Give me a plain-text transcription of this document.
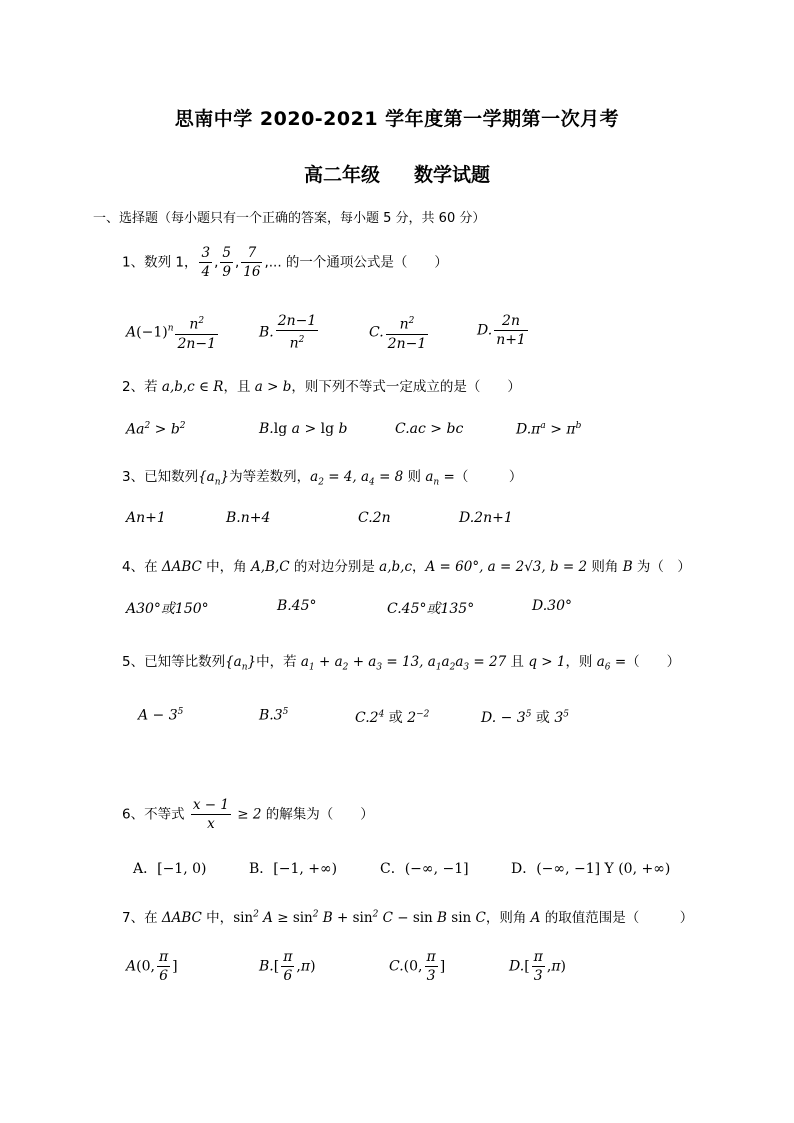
思南中学 2020-2021 学年度第一学期第一次月考
高二年级 数学试题
一、选择题（每小题只有一个正确的答案，每小题 5 分，共 60 分）
1、数列 1， $\frac{3}{4}$ , $\frac{5}{9}$ , $\frac{7}{16}$ ,... 的一个通项公式是（　　）
$A(-1)^n \frac{n^2}{2n-1}$	B. $\frac{2n-1}{n^2}$	C. $\frac{n^2}{2n-1}$	D. $\frac{2n}{n+1}$
2、若 a,b,c ∈ R，且 a > b，则下列不等式一定成立的是（　　）
$Aa^2 > b^2$	B.lg a > lg b	C.ac > bc	$D.\pi^a > \pi^b$
3、已知数列$\{a_n\}$为等差数列，$a_2 = 4$, $a_4 = 8$ 则 $a_n$ =（　　　）
An+1	B.n+4	C.2n	D.2n+1
4、在 ΔABC 中，角 A,B,C 的对边分别是 a,b,c，A = 60°, a = 2√3, b = 2 则角 B 为（　）
A30°或150°	B.45°	C.45°或135°	D.30°
5、已知等比数列$\{a_n\}$中，若 $a_1 + a_2 + a_3 = 13$, $a_1a_2a_3 = 27$ 且 q > 1，则 $a_6$ =（　　）
$A - 3^5$	$B.3^5$	$C.2^4$ 或 $2^{-2}$	D. − $3^5$ 或 $3^5$
6、不等式 $\frac{x - 1}{x} \ge 2$ 的解集为（　　）
A．[−1, 0)	B．[−1, +∞)	C．(−∞, −1]	D．(−∞, −1] Y (0, +∞)
7、在 ΔABC 中，$\sin^2 A \ge \sin^2 B + \sin^2 C - \sin B$ sin C，则角 A 的取值范围是（　　　）
A(0, $\frac{\pi}{6}$ ]	$B.[ \frac{\pi}{6} ,\pi)$	C.(0, $\frac{\pi}{3}$ ]	$D.[ \frac{\pi}{3} ,\pi)$
